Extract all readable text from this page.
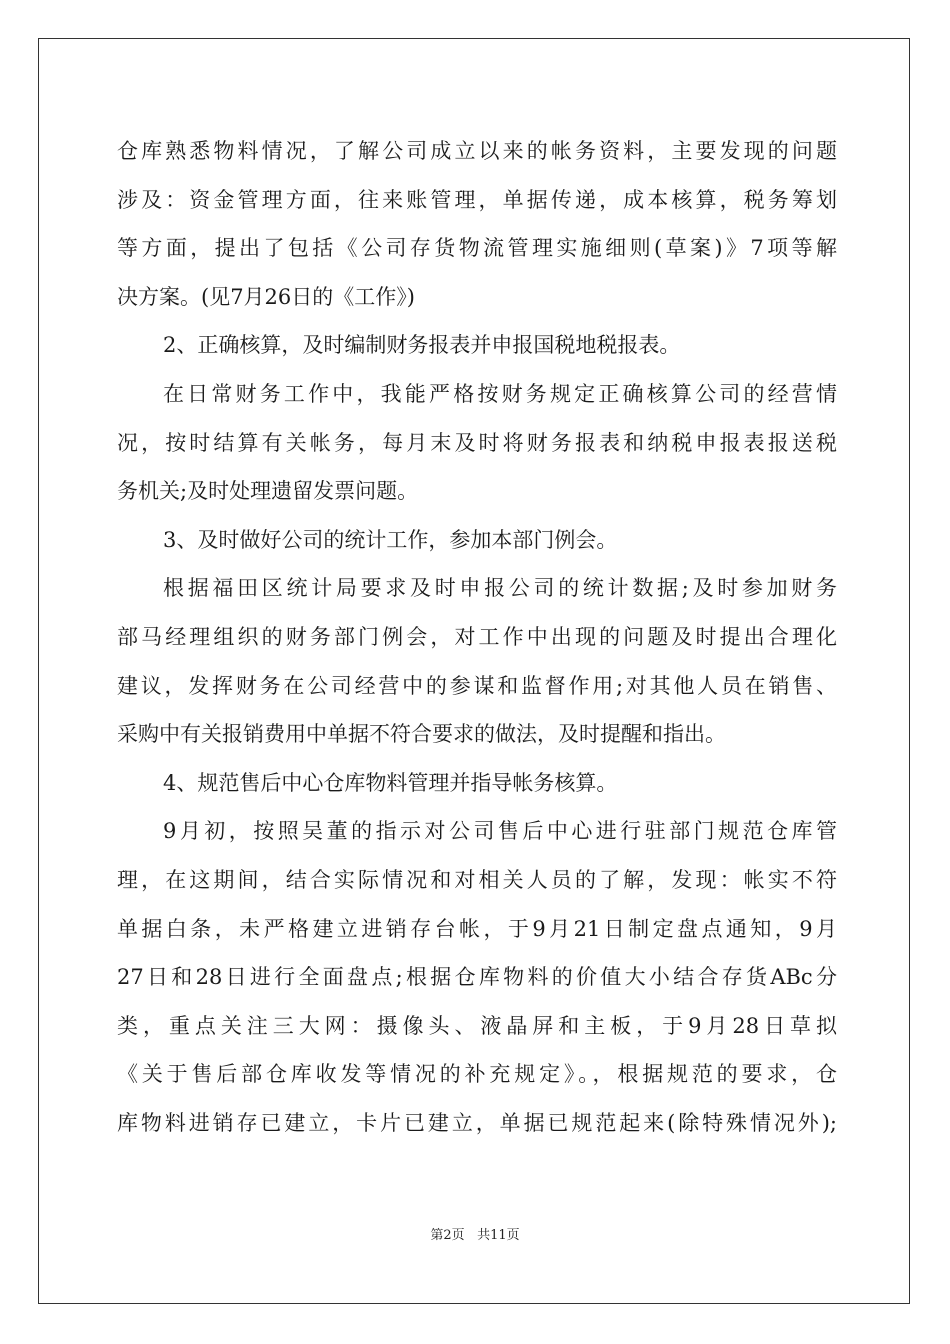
仓库熟悉物料情况，了解公司成立以来的帐务资料，主要发现的问题
涉及：资金管理方面，往来账管理，单据传递，成本核算，税务筹划
等方面，提出了包括《公司存货物流管理实施细则(草案)》7项等解
决方案。(见7月26日的《工作》)
2、正确核算，及时编制财务报表并申报国税地税报表。
在日常财务工作中，我能严格按财务规定正确核算公司的经营情
况，按时结算有关帐务，每月末及时将财务报表和纳税申报表报送税
务机关;及时处理遗留发票问题。
3、及时做好公司的统计工作，参加本部门例会。
根据福田区统计局要求及时申报公司的统计数据;及时参加财务
部马经理组织的财务部门例会，对工作中出现的问题及时提出合理化
建议，发挥财务在公司经营中的参谋和监督作用;对其他人员在销售、
采购中有关报销费用中单据不符合要求的做法，及时提醒和指出。
4、规范售后中心仓库物料管理并指导帐务核算。
9月初，按照吴董的指示对公司售后中心进行驻部门规范仓库管
理，在这期间，结合实际情况和对相关人员的了解，发现：帐实不符
单据白条，未严格建立进销存台帐，于9月21日制定盘点通知，9月
27日和28日进行全面盘点;根据仓库物料的价值大小结合存货ABc分
类，重点关注三大网：摄像头、液晶屏和主板，于9月28日草拟
《关于售后部仓库收发等情况的补充规定》。，根据规范的要求，仓
库物料进销存已建立，卡片已建立，单据已规范起来(除特殊情况外);
第2页 共11页
